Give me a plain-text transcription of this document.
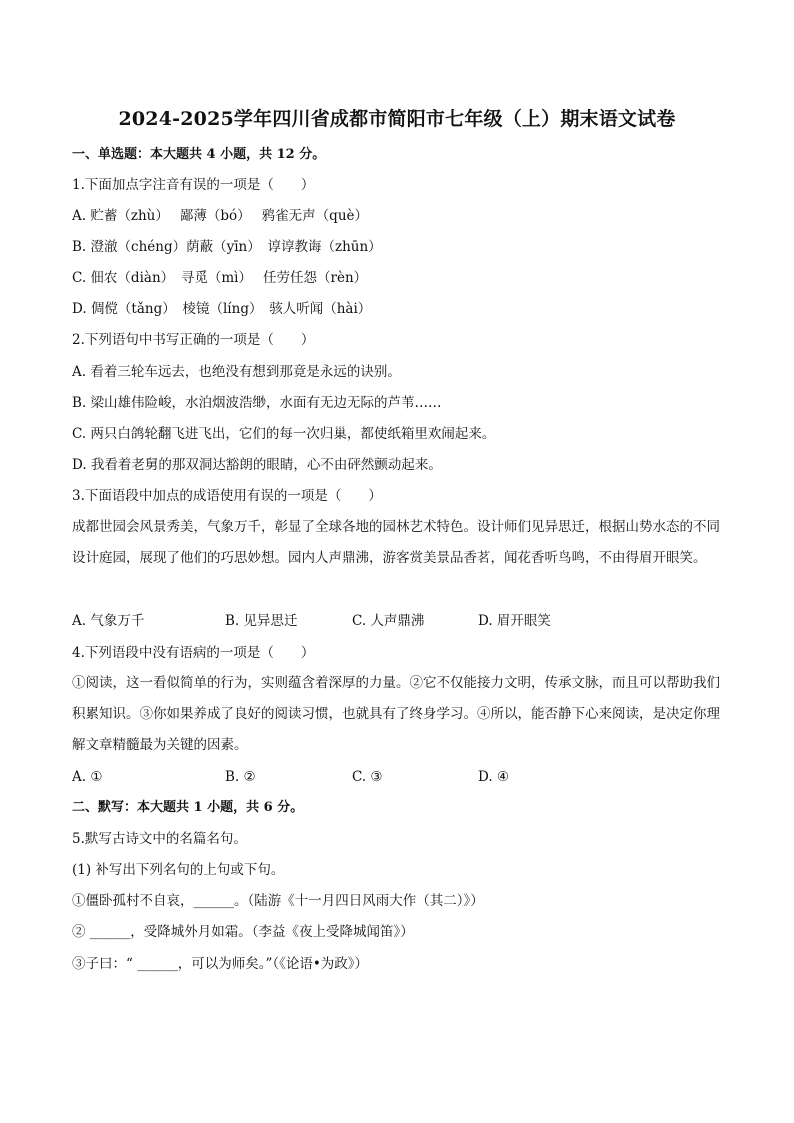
2024-2025学年四川省成都市简阳市七年级（上）期末语文试卷
一、单选题：本大题共 4 小题，共 12 分。
1.下面加点字注音有误的一项是（　　）
A. 贮蓄（zhù）　 鄙薄（bó）　 鸦雀无声（què）
B. 澄澈（chéng）荫蔽（yīn）　谆谆教诲（zhūn）
C. 佃农（diàn）　寻觅（mì）　 任劳任怨（rèn）
D. 倜傥（tǎng）　棱镜（líng）　骇人听闻（hài）
2.下列语句中书写正确的一项是（　　）
A. 看着三轮车远去，也绝没有想到那竟是永远的诀别。
B. 梁山雄伟险峻，水泊烟波浩缈，水面有无边无际的芦苇……
C. 两只白鸽轮翻飞进飞出，它们的每一次归巢，都使纸箱里欢闹起来。
D. 我看着老舅的那双洞达豁朗的眼睛，心不由砰然颤动起来。
3.下面语段中加点的成语使用有误的一项是（　　）
成都世园会风景秀美，气象万千，彰显了全球各地的园林艺术特色。设计师们见异思迁，根据山势水态的不同设计庭园，展现了他们的巧思妙想。园内人声鼎沸，游客赏美景品香茗，闻花香听鸟鸣，不由得眉开眼笑。
A. 气象万千	B. 见异思迁	C. 人声鼎沸	D. 眉开眼笑
4.下列语段中没有语病的一项是（　　）
①阅读，这一看似简单的行为，实则蕴含着深厚的力量。②它不仅能接力文明，传承文脉，而且可以帮助我们积累知识。③你如果养成了良好的阅读习惯，也就具有了终身学习。④所以，能否静下心来阅读，是决定你理解文章精髓最为关键的因素。
A. ①	B. ②	C. ③	D. ④
二、默写：本大题共 1 小题，共 6 分。
5.默写古诗文中的名篇名句。
(1) 补写出下列名句的上句或下句。
①僵卧孤村不自哀，______。（陆游《十一月四日风雨大作（其二）》）
② ______，受降城外月如霜。（李益《夜上受降城闻笛》）
③子曰：“ ______，可以为师矣。”（《论语•为政》）
